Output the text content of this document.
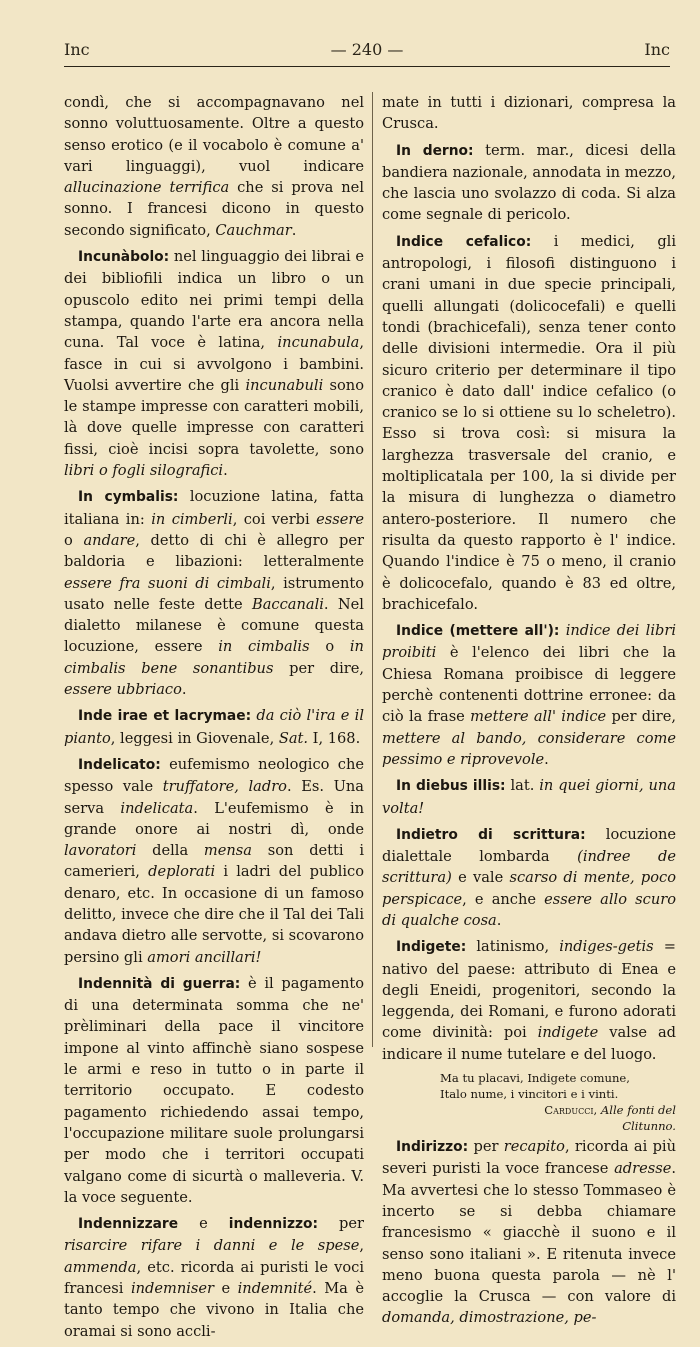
Inc	— 240 —	Inc

condì, che si accompagnavano nel sonno voluttuosamente. Oltre a questo senso erotico (e il vocabolo è comune a' vari linguaggi), vuol indicare allucinazione terrifica che si prova nel sonno. I francesi dicono in questo secondo significato, Cauchmar.

Incunàbolo: nel linguaggio dei librai e dei bibliofili indica un libro o un opuscolo edito nei primi tempi della stampa, quando l'arte era ancora nella cuna. Tal voce è latina, incunabula, fasce in cui si avvolgono i bambini. Vuolsi avvertire che gli incunabuli sono le stampe impresse con caratteri mobili, là dove quelle impresse con caratteri fissi, cioè incisi sopra tavolette, sono libri o fogli silografici.

In cymbalis: locuzione latina, fatta italiana in: in cimberli, coi verbi essere o andare, detto di chi è allegro per baldoria e libazioni: letteralmente essere fra suoni di cimbali, istrumento usato nelle feste dette Baccanali. Nel dialetto milanese è comune questa locuzione, essere in cimbalis o in cimbalis bene sonantibus per dire, essere ubbriaco.

Inde irae et lacrymae: da ciò l'ira e il pianto, leggesi in Giovenale, Sat. I, 168.

Indelicato: eufemismo neologico che spesso vale truffatore, ladro. Es. Una serva indelicata. L'eufemismo è in grande onore ai nostri dì, onde lavoratori della mensa son detti i camerieri, deplorati i ladri del publico denaro, etc. In occasione di un famoso delitto, invece che dire che il Tal dei Tali andava dietro alle servotte, si scovarono persino gli amori ancillari!

Indennità di guerra: è il pagamento di una determinata somma che ne' prèliminari della pace il vincitore impone al vinto affinchè siano sospese le armi e reso in tutto o in parte il territorio occupato. E codesto pagamento richiedendo assai tempo, l'occupazione militare suole prolungarsi per modo che i territori occupati valgano come di sicurtà o malleveria. V. la voce seguente.

Indennizzare e indennizzo: per risarcire rifare i danni e le spese, ammenda, etc. ricorda ai puristi le voci francesi indemniser e indemnité. Ma è tanto tempo che vivono in Italia che oramai si sono accli-

mate in tutti i dizionari, compresa la Crusca.

In derno: term. mar., dicesi della bandiera nazionale, annodata in mezzo, che lascia uno svolazzo di coda. Si alza come segnale di pericolo.

Indice cefalico: i medici, gli antropologi, i filosofi distinguono i crani umani in due specie principali, quelli allungati (dolicocefali) e quelli tondi (brachicefali), senza tener conto delle divisioni intermedie. Ora il più sicuro criterio per determinare il tipo cranico è dato dall' indice cefalico (o cranico se lo si ottiene su lo scheletro). Esso si trova così: si misura la larghezza trasversale del cranio, e moltiplicatala per 100, la si divide per la misura di lunghezza o diametro antero-posteriore. Il numero che risulta da questo rapporto è l' indice. Quando l'indice è 75 o meno, il cranio è dolicocefalo, quando è 83 ed oltre, brachicefalo.

Indice (mettere all'): indice dei libri proibiti è l'elenco dei libri che la Chiesa Romana proibisce di leggere perchè contenenti dottrine erronee: da ciò la frase mettere all' indice per dire, mettere al bando, considerare come pessimo e riprovevole.

In diebus illis: lat. in quei giorni, una volta!

Indietro di scrittura: locuzione dialettale lombarda (indree de scrittura) e vale scarso di mente, poco perspicace, e anche essere allo scuro di qualche cosa.

Indigete: latinismo, indiges-getis = nativo del paese: attributo di Enea e degli Eneidi, progenitori, secondo la leggenda, dei Romani, e furono adorati come divinità: poi indigete valse ad indicare il nume tutelare e del luogo.

Ma tu placavi, Indigete comune,
Italo nume, i vincitori e i vinti.
Carducci, Alle fonti del Clitunno.

Indirizzo: per recapito, ricorda ai più severi puristi la voce francese adresse. Ma avvertesi che lo stesso Tommaseo è incerto se si debba chiamare francesismo « giacchè il suono e il senso sono italiani ». E ritenuta invece meno buona questa parola — nè l' accoglie la Crusca — con valore di domanda, dimostrazione, pe-
